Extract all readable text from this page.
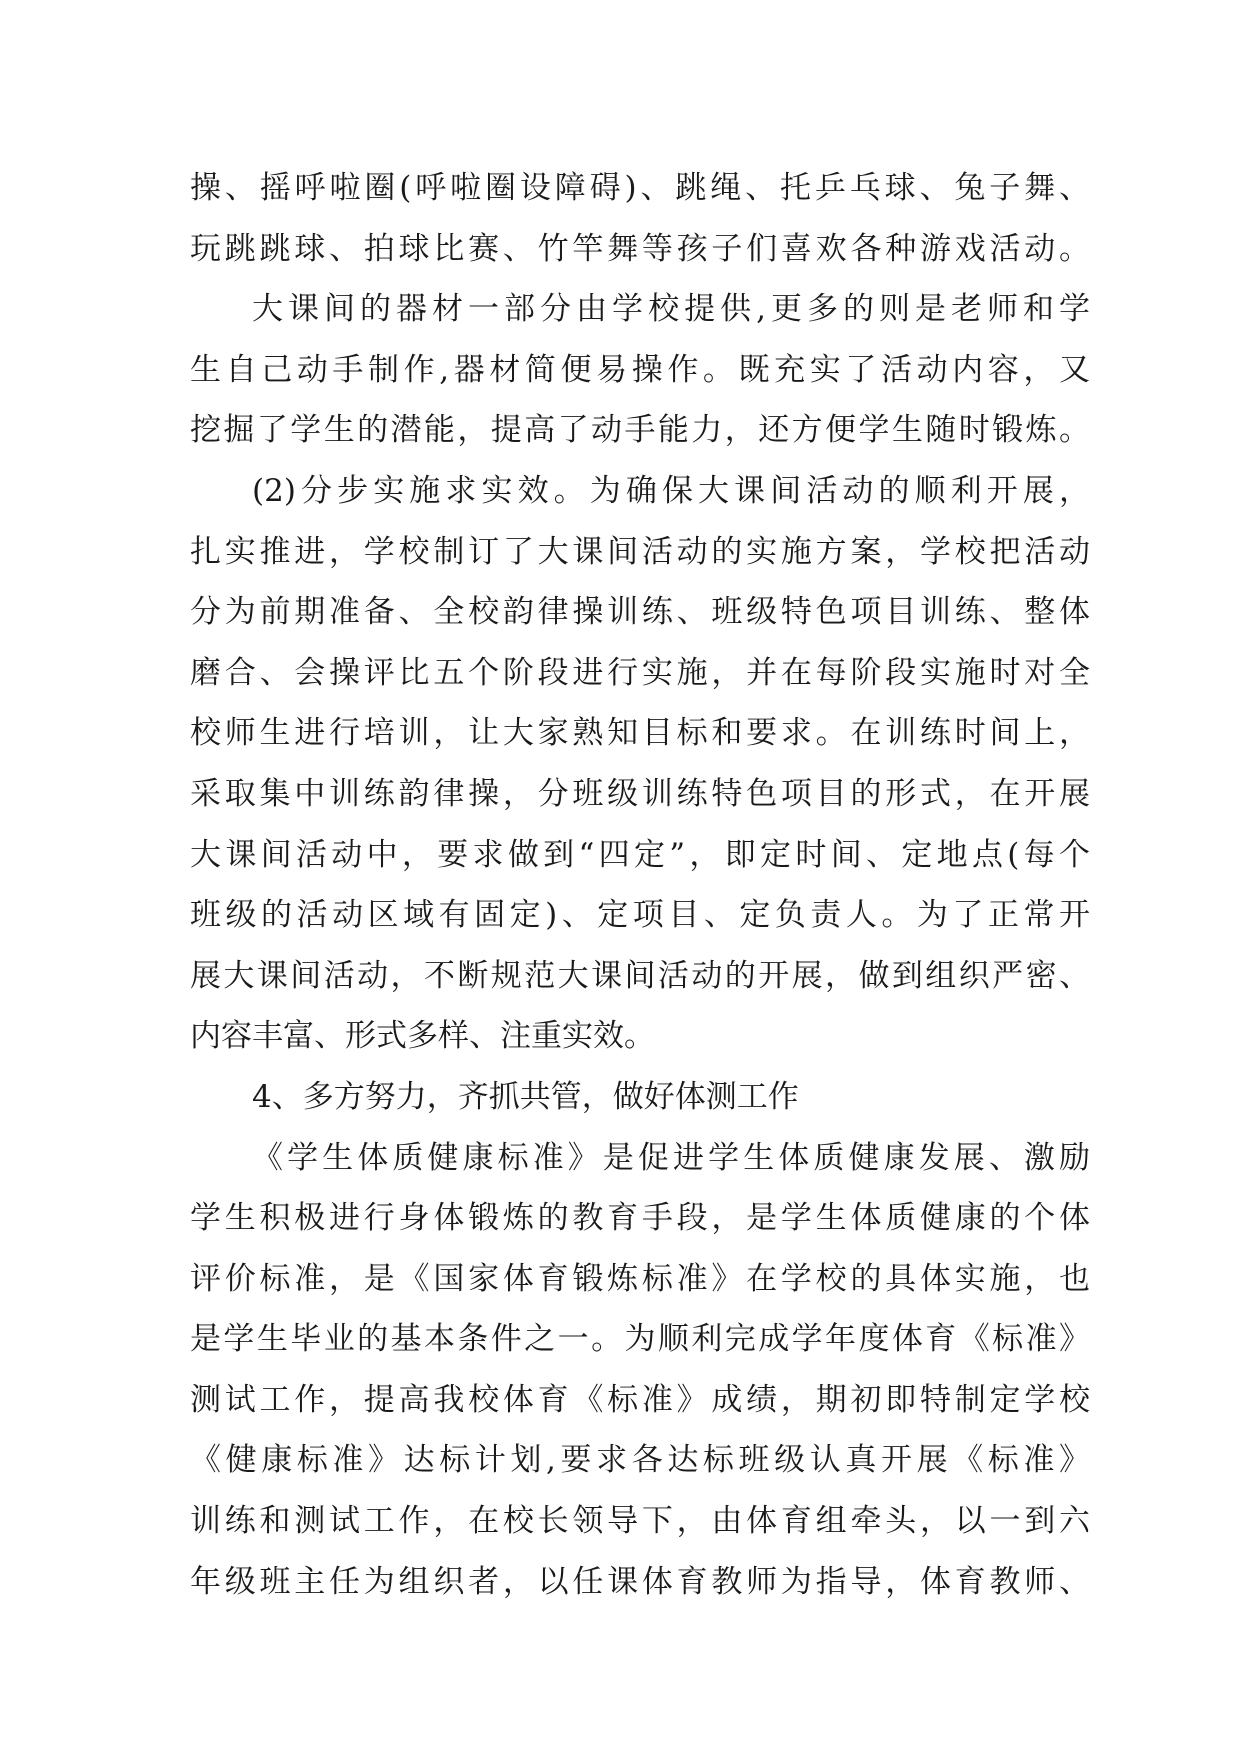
操、摇呼啦圈(呼啦圈设障碍)、跳绳、托乒乓球、兔子舞、
玩跳跳球、拍球比赛、竹竿舞等孩子们喜欢各种游戏活动。
大课间的器材一部分由学校提供,更多的则是老师和学
生自己动手制作,器材简便易操作。既充实了活动内容，又
挖掘了学生的潜能，提高了动手能力，还方便学生随时锻炼。
(2)分步实施求实效。为确保大课间活动的顺利开展，
扎实推进，学校制订了大课间活动的实施方案，学校把活动
分为前期准备、全校韵律操训练、班级特色项目训练、整体
磨合、会操评比五个阶段进行实施，并在每阶段实施时对全
校师生进行培训，让大家熟知目标和要求。在训练时间上，
采取集中训练韵律操，分班级训练特色项目的形式，在开展
大课间活动中，要求做到“四定”，即定时间、定地点(每个
班级的活动区域有固定)、定项目、定负责人。为了正常开
展大课间活动，不断规范大课间活动的开展，做到组织严密、
内容丰富、形式多样、注重实效。
4、多方努力，齐抓共管，做好体测工作
《学生体质健康标准》是促进学生体质健康发展、激励
学生积极进行身体锻炼的教育手段，是学生体质健康的个体
评价标准，是《国家体育锻炼标准》在学校的具体实施，也
是学生毕业的基本条件之一。为顺利完成学年度体育《标准》
测试工作，提高我校体育《标准》成绩，期初即特制定学校
《健康标准》达标计划,要求各达标班级认真开展《标准》
训练和测试工作，在校长领导下，由体育组牵头，以一到六
年级班主任为组织者，以任课体育教师为指导，体育教师、
